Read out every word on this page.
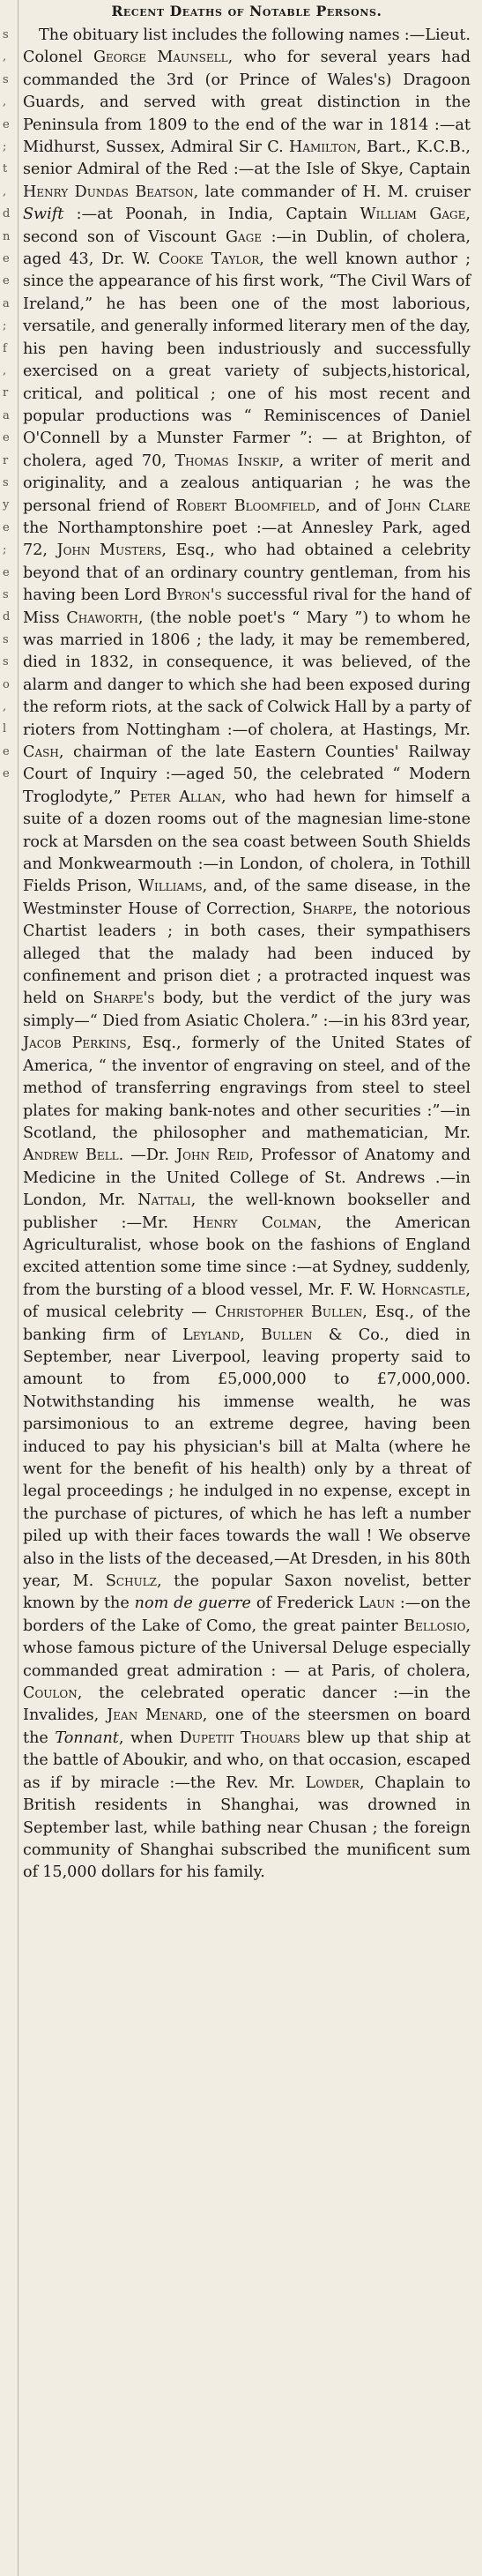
s
,
s
,
e
;
t
,
d
n
e
e
a
;
f
,
r
a
e
r
s
y
e
;
e
s
d
s
s
o
,
l
e
e
Recent Deaths of Notable Persons.

The obituary list includes the following names :—Lieut. Colonel George Maunsell, who for several years had commanded the 3rd (or Prince of Wales's) Dragoon Guards, and served with great distinction in the Peninsula from 1809 to the end of the war in 1814 :—at Midhurst, Sussex, Admiral Sir C. Hamilton, Bart., K.C.B., senior Admiral of the Red :—at the Isle of Skye, Captain Henry Dundas Beatson, late commander of H. M. cruiser Swift :—at Poonah, in India, Captain William Gage, second son of Viscount Gage :—in Dublin, of cholera, aged 43, Dr. W. Cooke Taylor, the well known author ; since the appearance of his first work, “The Civil Wars of Ireland,” he has been one of the most laborious, versatile, and generally informed literary men of the day, his pen having been industriously and successfully exercised on a great variety of subjects,historical, critical, and political ; one of his most recent and popular productions was “ Reminiscences of Daniel O'Connell by a Munster Farmer ”: — at Brighton, of cholera, aged 70, Thomas Inskip, a writer of merit and originality, and a zealous antiquarian ; he was the personal friend of Robert Bloomfield, and of John Clare the Northamptonshire poet :—at Annesley Park, aged 72, John Musters, Esq., who had obtained a celebrity beyond that of an ordinary country gentleman, from his having been Lord Byron's successful rival for the hand of Miss Chaworth, (the noble poet's “ Mary ”) to whom he was married in 1806 ; the lady, it may be remembered, died in 1832, in consequence, it was believed, of the alarm and danger to which she had been exposed during the reform riots, at the sack of Colwick Hall by a party of rioters from Nottingham :—of cholera, at Hastings, Mr. Cash, chairman of the late Eastern Counties' Railway Court of Inquiry :—aged 50, the celebrated “ Modern Troglodyte,” Peter Allan, who had hewn for himself a suite of a dozen rooms out of the magnesian lime-stone rock at Marsden on the sea coast between South Shields and Monkwearmouth :—in London, of cholera, in Tothill Fields Prison, Williams, and, of the same disease, in the Westminster House of Correction, Sharpe, the notorious Chartist leaders ; in both cases, their sympathisers alleged that the malady had been induced by confinement and prison diet ; a protracted inquest was held on Sharpe's body, but the verdict of the jury was simply—“ Died from Asiatic Cholera.” :—in his 83rd year, Jacob Perkins, Esq., formerly of the United States of America, “ the inventor of engraving on steel, and of the method of transferring engravings from steel to steel plates for making bank-notes and other securities :”—in Scotland, the philosopher and mathematician, Mr. Andrew Bell. —Dr. John Reid, Professor of Anatomy and Medicine in the United College of St. Andrews .—in London, Mr. Nattali, the well-known bookseller and publisher :—Mr. Henry Colman, the American Agriculturalist, whose book on the fashions of England excited attention some time since :—at Sydney, suddenly, from the bursting of a blood vessel, Mr. F. W. Horncastle, of musical celebrity — Christopher Bullen, Esq., of the banking firm of Leyland, Bullen & Co., died in September, near Liverpool, leaving property said to amount to from £5,000,000 to £7,000,000. Notwithstanding his immense wealth, he was parsimonious to an extreme degree, having been induced to pay his physician's bill at Malta (where he went for the benefit of his health) only by a threat of legal proceedings ; he indulged in no expense, except in the purchase of pictures, of which he has left a number piled up with their faces towards the wall ! We observe also in the lists of the deceased,—At Dresden, in his 80th year, M. Schulz, the popular Saxon novelist, better known by the nom de guerre of Frederick Laun :—on the borders of the Lake of Como, the great painter Bellosio, whose famous picture of the Universal Deluge especially commanded great admiration : — at Paris, of cholera, Coulon, the celebrated operatic dancer :—in the Invalides, Jean Menard, one of the steersmen on board the Tonnant, when Dupetit Thouars blew up that ship at the battle of Aboukir, and who, on that occasion, escaped as if by miracle :—the Rev. Mr. Lowder, Chaplain to British residents in Shanghai, was drowned in September last, while bathing near Chusan ; the foreign community of Shanghai subscribed the munificent sum of 15,000 dollars for his family.
